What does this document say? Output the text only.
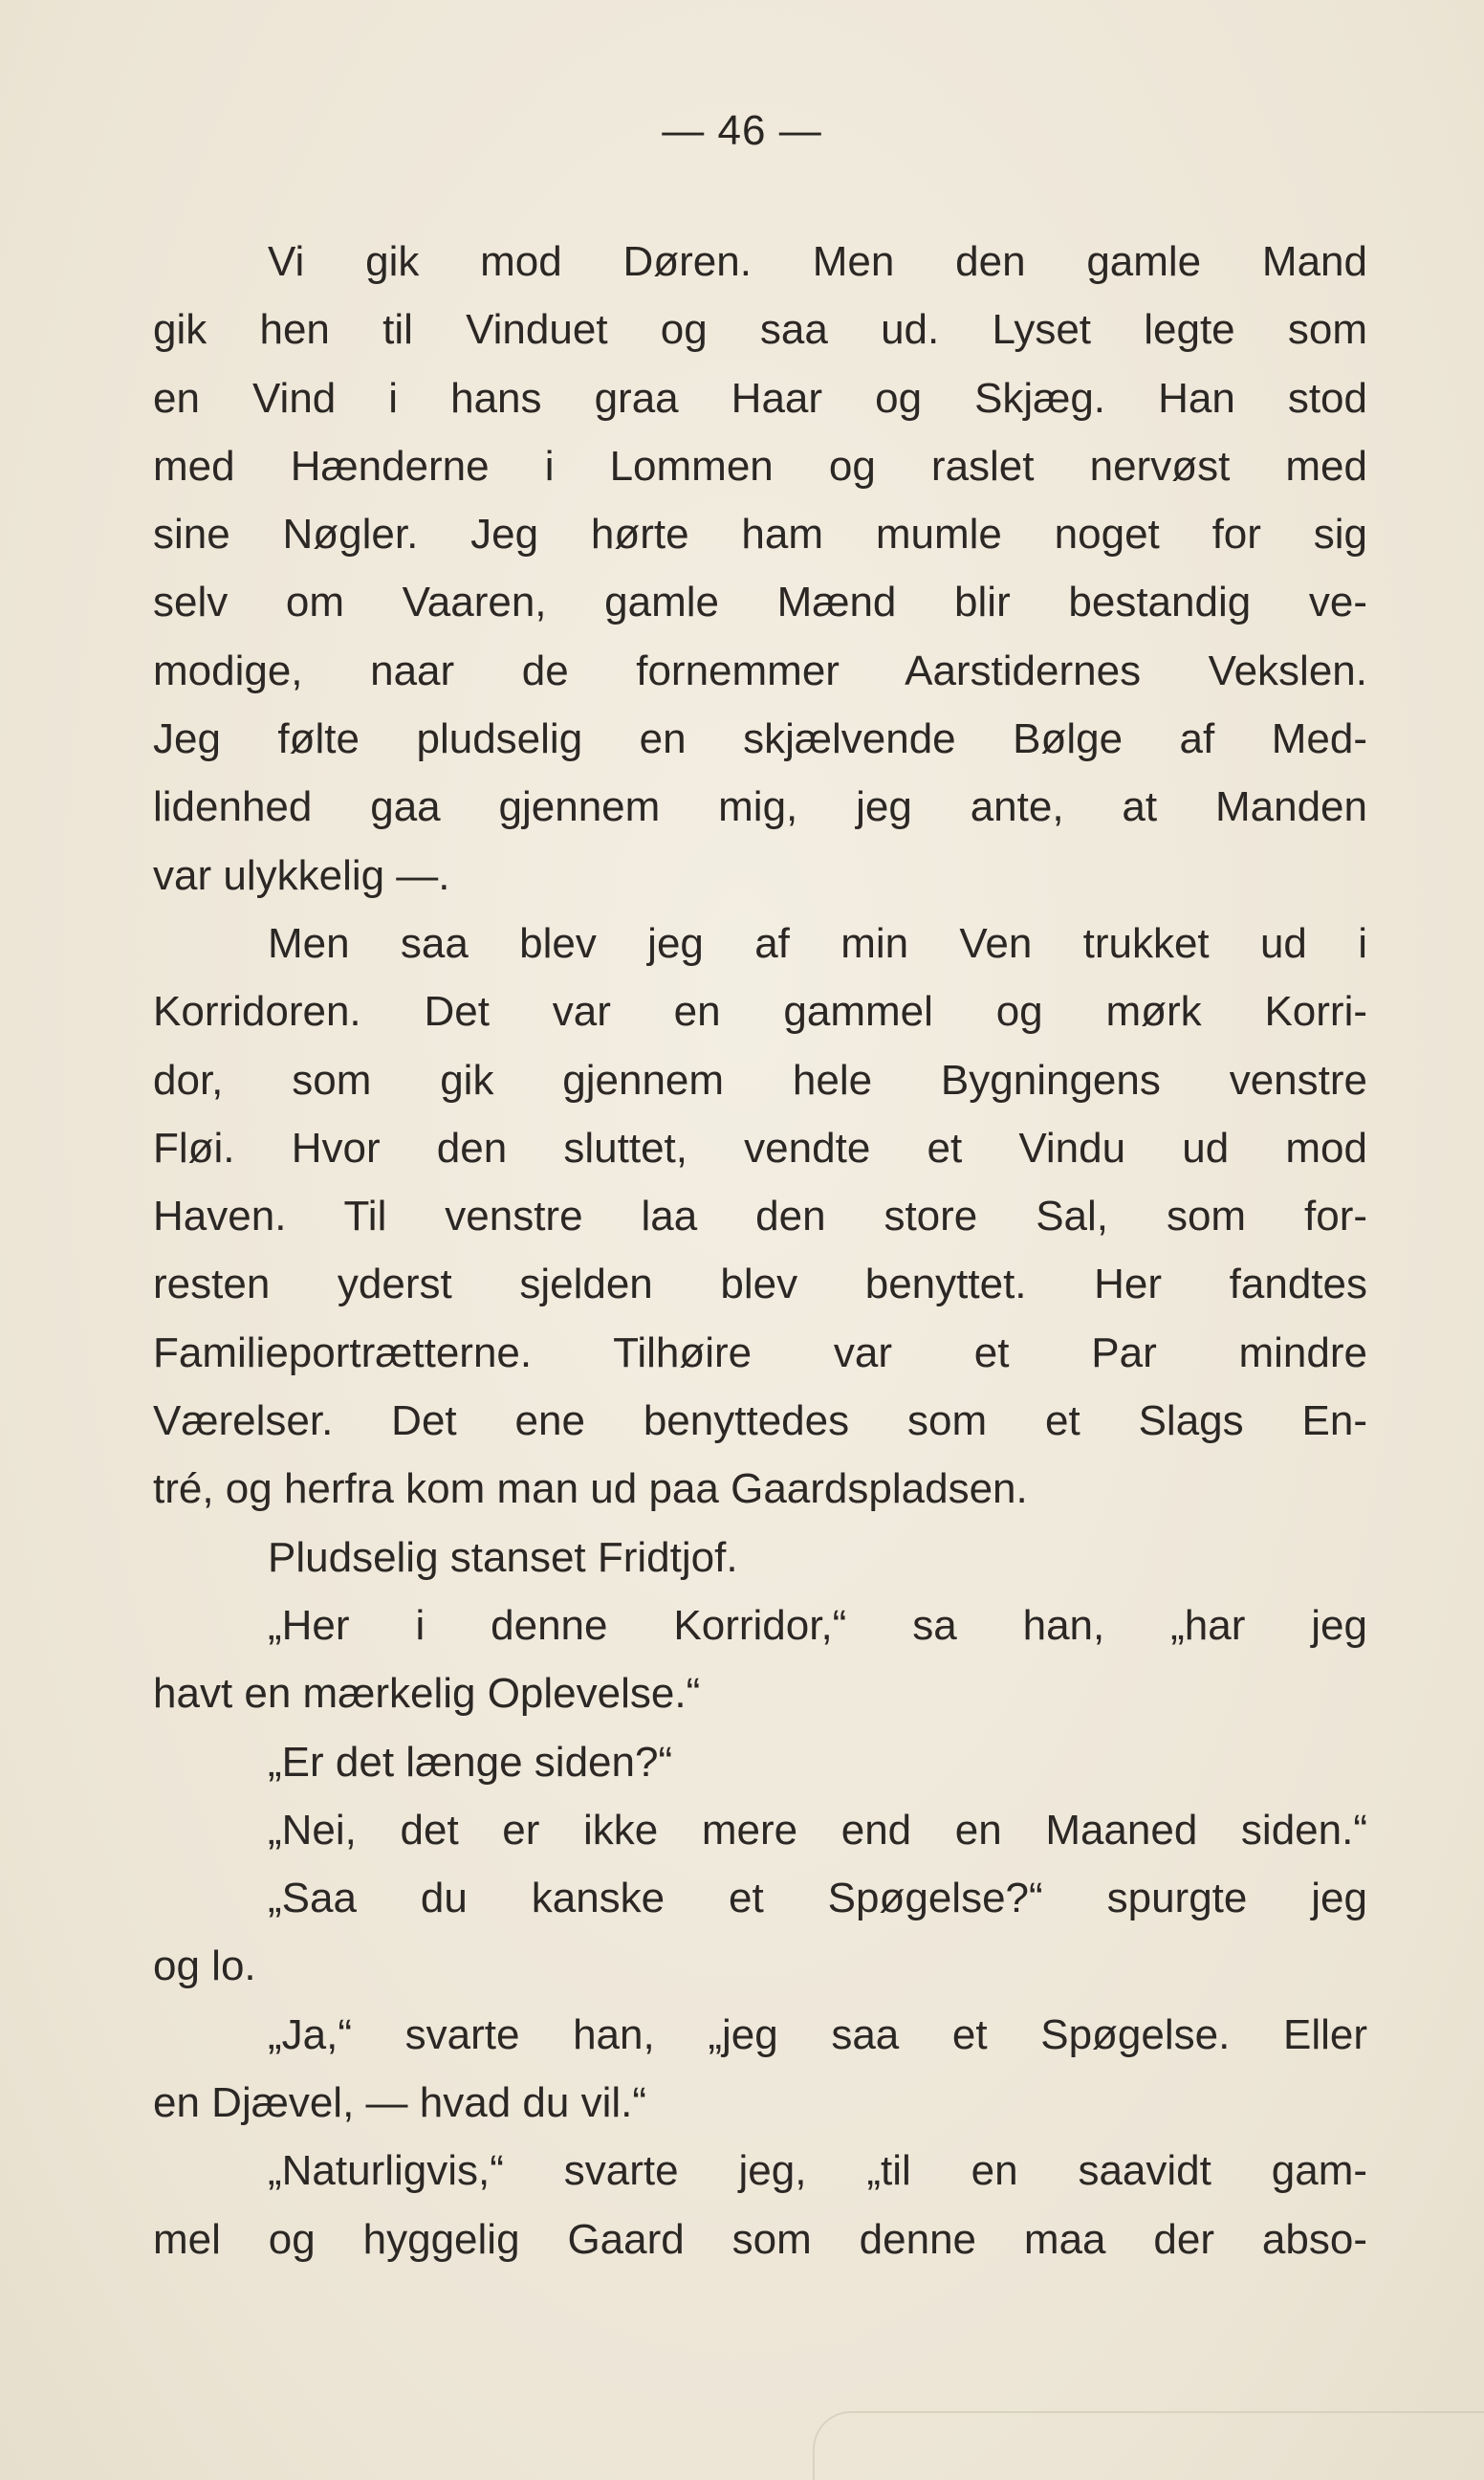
— 46 —
Vi gik mod Døren. Men den gamle Mand
gik hen til Vinduet og saa ud. Lyset legte som
en Vind i hans graa Haar og Skjæg. Han stod
med Hænderne i Lommen og raslet nervøst med
sine Nøgler. Jeg hørte ham mumle noget for sig
selv om Vaaren, gamle Mænd blir bestandig ve-
modige, naar de fornemmer Aarstidernes Vekslen.
Jeg følte pludselig en skjælvende Bølge af Med-
lidenhed gaa gjennem mig, jeg ante, at Manden
var ulykkelig —.
Men saa blev jeg af min Ven trukket ud i
Korridoren. Det var en gammel og mørk Korri-
dor, som gik gjennem hele Bygningens venstre
Fløi. Hvor den sluttet, vendte et Vindu ud mod
Haven. Til venstre laa den store Sal, som for-
resten yderst sjelden blev benyttet. Her fandtes
Familieportrætterne. Tilhøire var et Par mindre
Værelser. Det ene benyttedes som et Slags En-
tré, og herfra kom man ud paa Gaardspladsen.
Pludselig stanset Fridtjof.
„Her i denne Korridor,“ sa han, „har jeg
havt en mærkelig Oplevelse.“
„Er det længe siden?“
„Nei, det er ikke mere end en Maaned siden.“
„Saa du kanske et Spøgelse?“ spurgte jeg
og lo.
„Ja,“ svarte han, „jeg saa et Spøgelse. Eller
en Djævel, — hvad du vil.“
„Naturligvis,“ svarte jeg, „til en saavidt gam-
mel og hyggelig Gaard som denne maa der abso-
